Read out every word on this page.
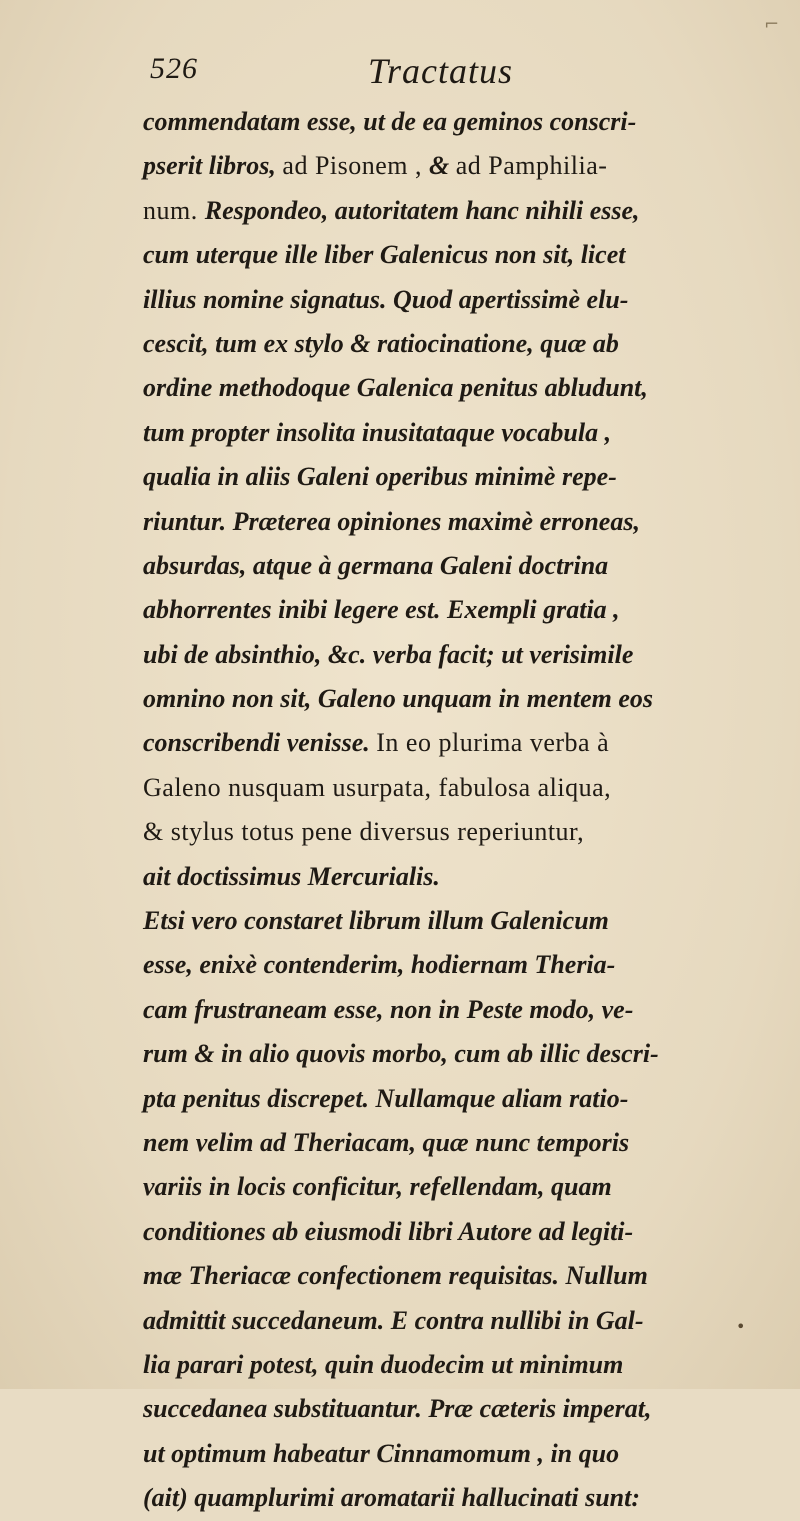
526	Tractatus
commendatam esse, ut de ea geminos conscri-
pserit libros, ad Pisonem , & ad Pamphilia-
num. Respondeo, autoritatem hanc nihili esse,
cum uterque ille liber Galenicus non sit, licet
illius nomine signatus. Quod apertissimè elu-
cescit, tum ex stylo & ratiocinatione, quæ ab
ordine methodoque Galenica penitus abludunt,
tum propter insolita inusitataque vocabula ,
qualia in aliis Galeni operibus minimè repe-
riuntur. Præterea opiniones maximè erroneas,
absurdas, atque à germana Galeni doctrina
abhorrentes inibi legere est. Exempli gratia ,
ubi de absinthio, &c. verba facit; ut verisimile
omnino non sit, Galeno unquam in mentem eos
conscribendi venisse. In eo plurima verba à
Galeno nusquam usurpata, fabulosa aliqua,
& stylus totus pene diversus reperiuntur,
ait doctissimus Mercurialis.
Etsi vero constaret librum illum Galenicum
esse, enixè contenderim, hodiernam Theria-
cam frustraneam esse, non in Peste modo, ve-
rum & in alio quovis morbo, cum ab illic descri-
pta penitus discrepet. Nullamque aliam ratio-
nem velim ad Theriacam, quæ nunc temporis
variis in locis conficitur, refellendam, quam
conditiones ab eiusmodi libri Autore ad legiti-
mæ Theriacæ confectionem requisitas. Nullum
admittit succedaneum. E contra nullibi in Gal-
lia parari potest, quin duodecim ut minimum
succedanea substituantur. Præ cæteris imperat,
ut optimum habeatur Cinnamomum , in quo
(ait) quamplurimi aromatarii hallucinati sunt:
⌐
•
